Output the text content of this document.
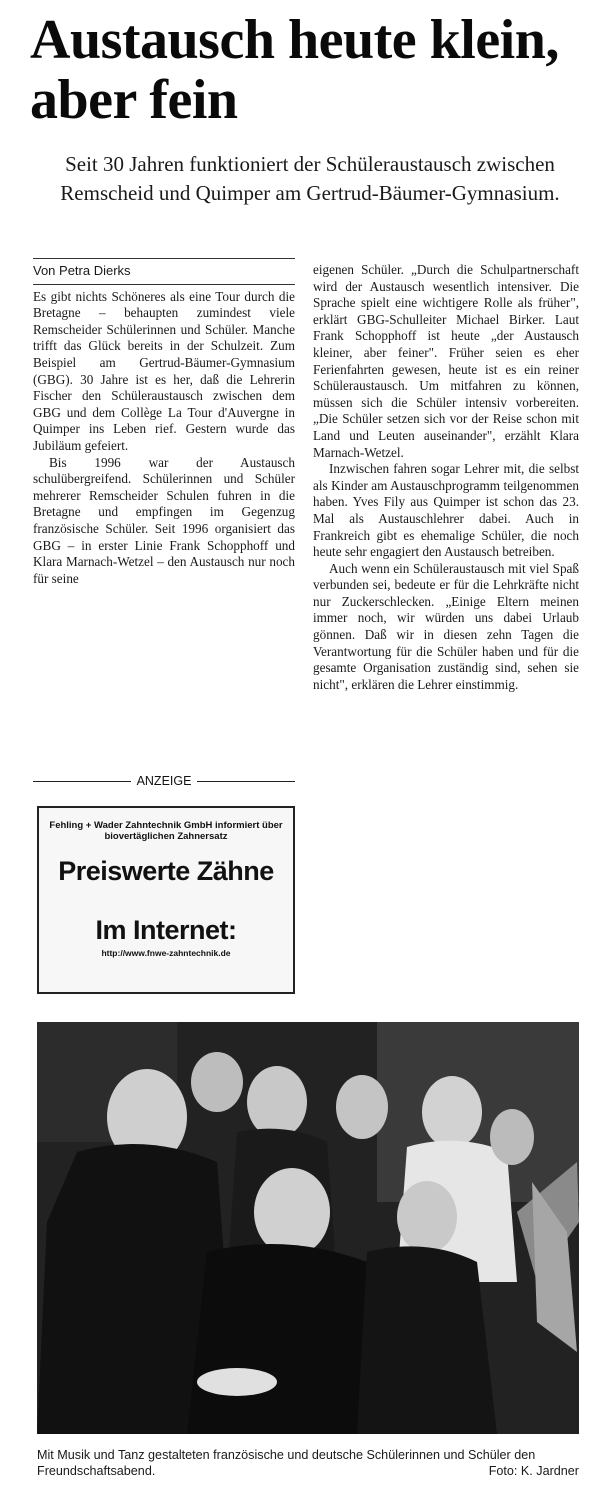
Austausch heute klein, aber fein

Seit 30 Jahren funktioniert der Schüleraustausch zwischen Remscheid und Quimper am Gertrud-Bäumer-Gymnasium.

Von Petra Dierks

Es gibt nichts Schöneres als eine Tour durch die Bretagne – behaupten zumindest viele Remscheider Schülerinnen und Schüler. Manche trifft das Glück bereits in der Schulzeit. Zum Beispiel am Gertrud-Bäumer-Gymnasium (GBG). 30 Jahre ist es her, daß die Lehrerin Fischer den Schüleraustausch zwischen dem GBG und dem Collège La Tour d'Auvergne in Quimper ins Leben rief. Gestern wurde das Jubiläum gefeiert.

Bis 1996 war der Austausch schulübergreifend. Schülerinnen und Schüler mehrerer Remscheider Schulen fuhren in die Bretagne und empfingen im Gegenzug französische Schüler. Seit 1996 organisiert das GBG – in erster Linie Frank Schopphoff und Klara Marnach-Wetzel – den Austausch nur noch für seine

eigenen Schüler. „Durch die Schulpartnerschaft wird der Austausch wesentlich intensiver. Die Sprache spielt eine wichtigere Rolle als früher", erklärt GBG-Schulleiter Michael Birker. Laut Frank Schopphoff ist heute „der Austausch kleiner, aber feiner". Früher seien es eher Ferienfahrten gewesen, heute ist es ein reiner Schüleraustausch. Um mitfahren zu können, müssen sich die Schüler intensiv vorbereiten. „Die Schüler setzen sich vor der Reise schon mit Land und Leuten auseinander", erzählt Klara Marnach-Wetzel.

Inzwischen fahren sogar Lehrer mit, die selbst als Kinder am Austauschprogramm teilgenommen haben. Yves Fily aus Quimper ist schon das 23. Mal als Austauschlehrer dabei. Auch in Frankreich gibt es ehemalige Schüler, die noch heute sehr engagiert den Austausch betreiben.

Auch wenn ein Schüleraustausch mit viel Spaß verbunden sei, bedeute er für die Lehrkräfte nicht nur Zuckerschlecken. „Einige Eltern meinen immer noch, wir würden uns dabei Urlaub gönnen. Daß wir in diesen zehn Tagen die Verantwortung für die Schüler haben und für die gesamte Organisation zuständig sind, sehen sie nicht", erklären die Lehrer einstimmig.

ANZEIGE
Fehling + Wader Zahntechnik GmbH informiert über biovertäglichen Zahnersatz
Preiswerte Zähne
Im Internet:
http://www.fnwe-zahntechnik.de

Mit Musik und Tanz gestalteten französische und deutsche Schülerinnen und Schüler den Freundschaftsabend.	Foto: K. Jardner
